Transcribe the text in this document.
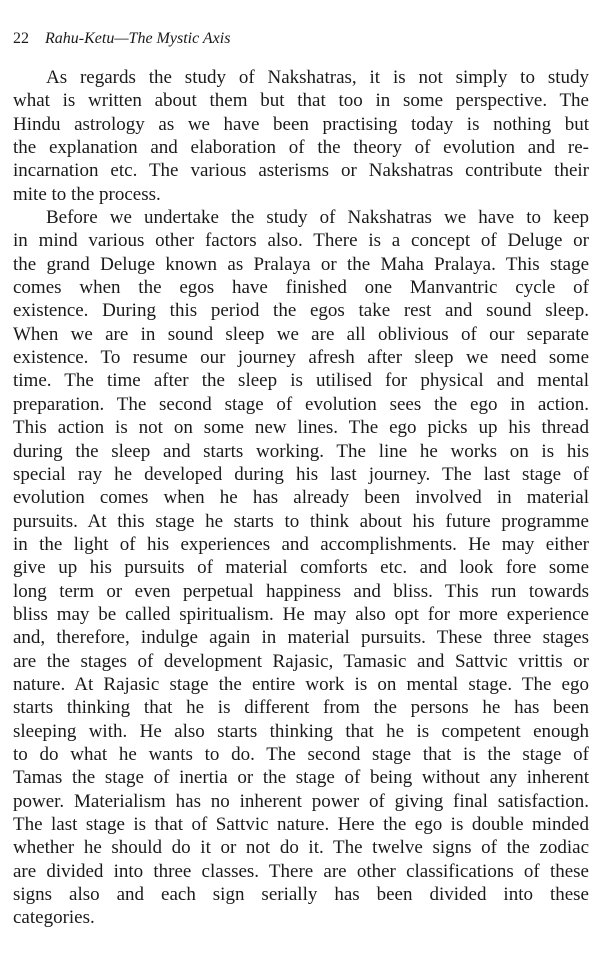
22 Rahu-Ketu—The Mystic Axis
As regards the study of Nakshatras, it is not simply to study
what is written about them but that too in some perspective. The
Hindu astrology as we have been practising today is nothing but
the explanation and elaboration of the theory of evolution and re-
incarnation etc. The various asterisms or Nakshatras contribute their
mite to the process.
Before we undertake the study of Nakshatras we have to keep
in mind various other factors also. There is a concept of Deluge or
the grand Deluge known as Pralaya or the Maha Pralaya. This stage
comes when the egos have finished one Manvantric cycle of
existence. During this period the egos take rest and sound sleep.
When we are in sound sleep we are all oblivious of our separate
existence. To resume our journey afresh after sleep we need some
time. The time after the sleep is utilised for physical and mental
preparation. The second stage of evolution sees the ego in action.
This action is not on some new lines. The ego picks up his thread
during the sleep and starts working. The line he works on is his
special ray he developed during his last journey. The last stage of
evolution comes when he has already been involved in material
pursuits. At this stage he starts to think about his future programme
in the light of his experiences and accomplishments. He may either
give up his pursuits of material comforts etc. and look fore some
long term or even perpetual happiness and bliss. This run towards
bliss may be called spiritualism. He may also opt for more experience
and, therefore, indulge again in material pursuits. These three stages
are the stages of development Rajasic, Tamasic and Sattvic vrittis or
nature. At Rajasic stage the entire work is on mental stage. The ego
starts thinking that he is different from the persons he has been
sleeping with. He also starts thinking that he is competent enough
to do what he wants to do. The second stage that is the stage of
Tamas the stage of inertia or the stage of being without any inherent
power. Materialism has no inherent power of giving final satisfaction.
The last stage is that of Sattvic nature. Here the ego is double minded
whether he should do it or not do it. The twelve signs of the zodiac
are divided into three classes. There are other classifications of these
signs also and each sign serially has been divided into these
categories.
